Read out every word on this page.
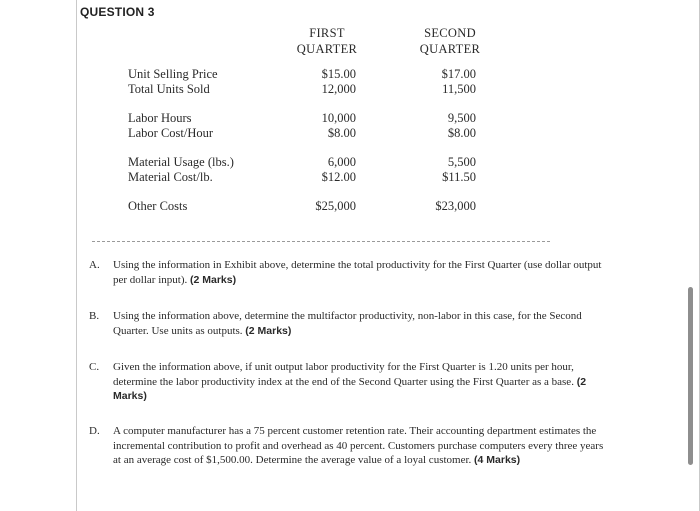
QUESTION 3
FIRST
QUARTER
SECOND
QUARTER
Unit Selling Price	$15.00	$17.00
Total Units Sold	12,000	11,500
Labor Hours	10,000	9,500
Labor Cost/Hour	$8.00	$8.00
Material Usage (lbs.)	6,000	5,500
Material Cost/lb.	$12.00	$11.50
Other Costs	$25,000	$23,000
A. Using the information in Exhibit above, determine the total productivity for the First Quarter (use dollar output per dollar input). (2 Marks)
B. Using the information above, determine the multifactor productivity, non-labor in this case, for the Second Quarter. Use units as outputs. (2 Marks)
C. Given the information above, if unit output labor productivity for the First Quarter is 1.20 units per hour, determine the labor productivity index at the end of the Second Quarter using the First Quarter as a base. (2 Marks)
D. A computer manufacturer has a 75 percent customer retention rate. Their accounting department estimates the incremental contribution to profit and overhead as 40 percent. Customers purchase computers every three years at an average cost of $1,500.00. Determine the average value of a loyal customer. (4 Marks)
